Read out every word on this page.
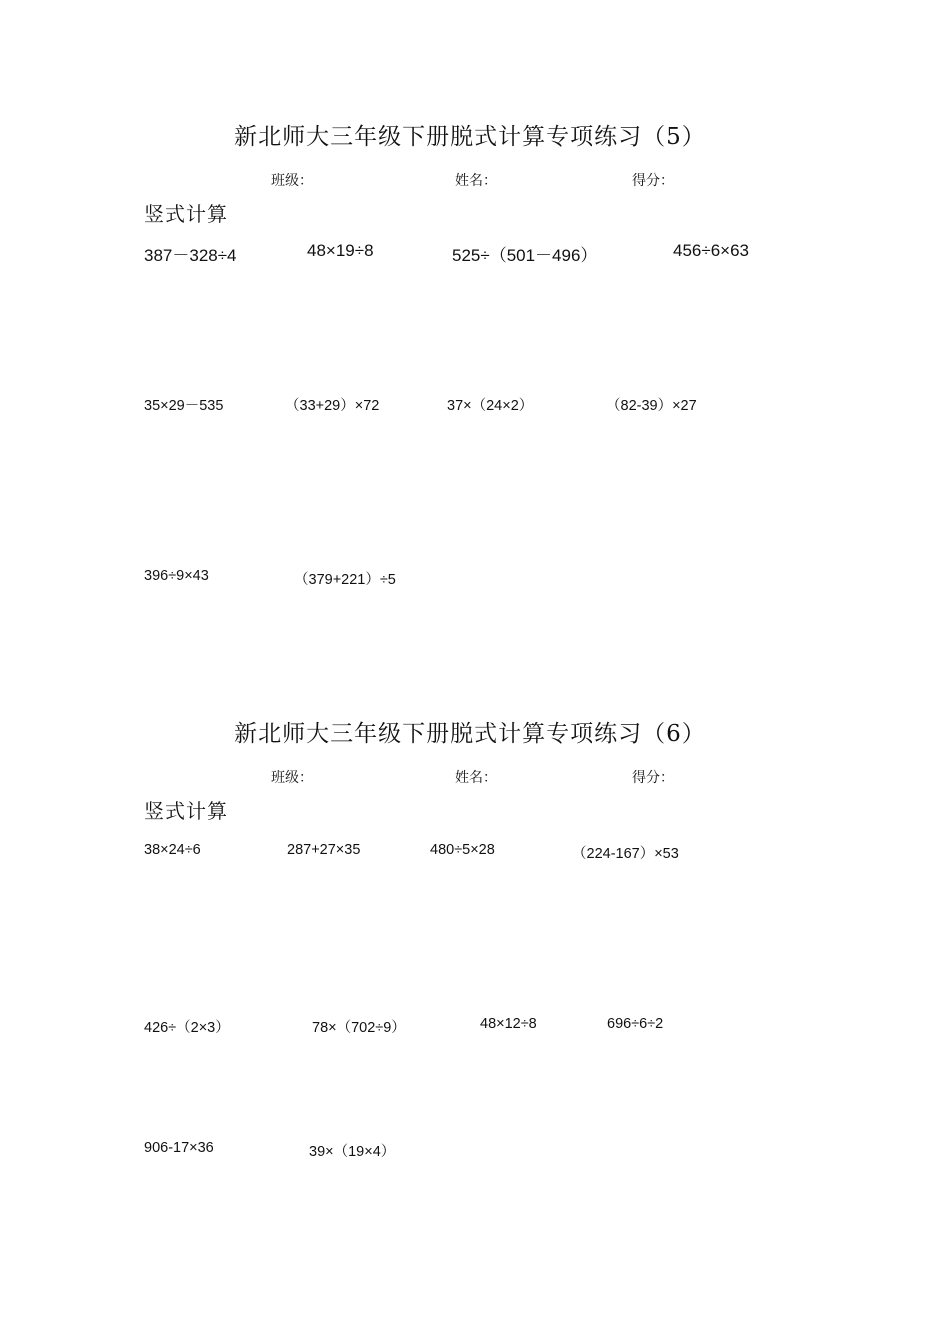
新北师大三年级下册脱式计算专项练习（5）
班级：	姓名：	得分：
竖式计算
387－328÷4	48×19÷8	525÷（501－496）	456÷6×63
35×29－535	（33+29）×72	37×（24×2）	（82-39）×27
396÷9×43	（379+221）÷5
新北师大三年级下册脱式计算专项练习（6）
班级：	姓名：	得分：
竖式计算
38×24÷6	287+27×35	480÷5×28	（224-167）×53
426÷（2×3）	78×（702÷9）	48×12÷8	696÷6÷2
906-17×36	39×（19×4）
